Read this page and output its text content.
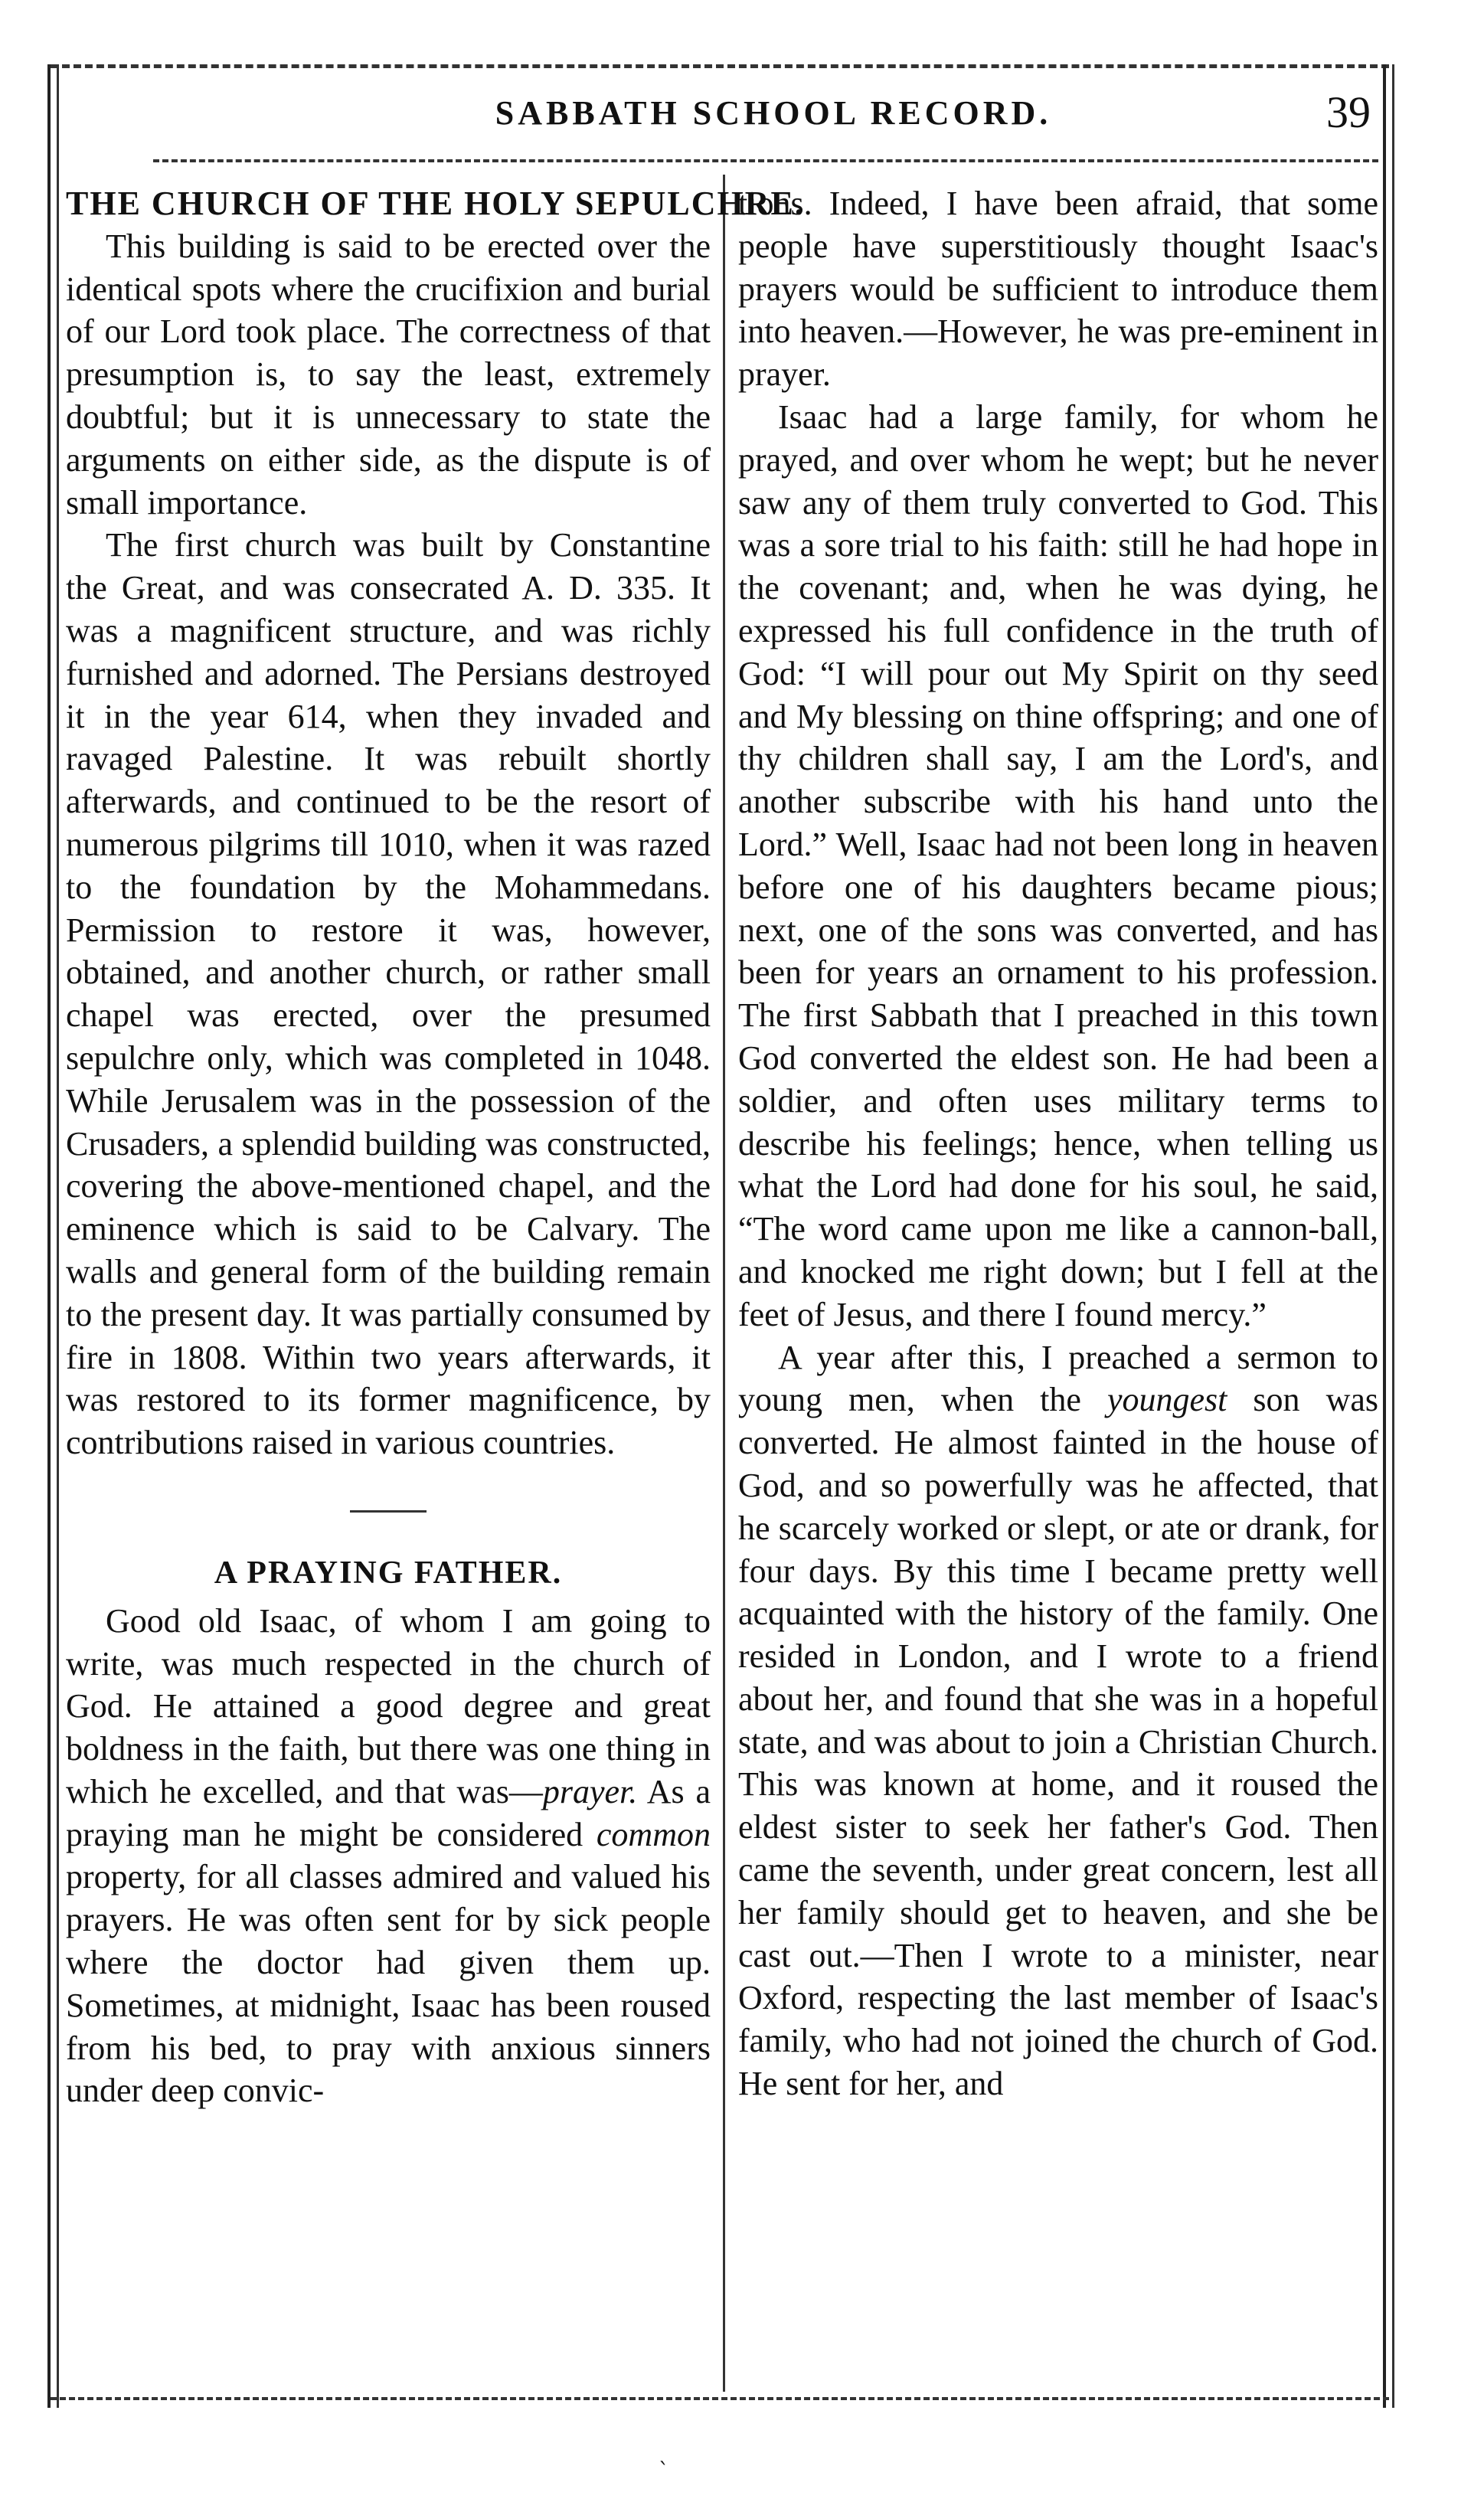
SABBATH SCHOOL RECORD.	39
THE CHURCH OF THE HOLY SEPULCHRE.

This building is said to be erected over the identical spots where the crucifixion and burial of our Lord took place. The correctness of that presumption is, to say the least, extremely doubtful; but it is unnecessary to state the arguments on either side, as the dispute is of small importance.

The first church was built by Constantine the Great, and was consecrated A. D. 335. It was a magnificent structure, and was richly furnished and adorned. The Persians destroyed it in the year 614, when they invaded and ravaged Palestine. It was rebuilt shortly afterwards, and continued to be the resort of numerous pilgrims till 1010, when it was razed to the foundation by the Mohammedans. Permission to restore it was, however, obtained, and another church, or rather small chapel was erected, over the presumed sepulchre only, which was completed in 1048. While Jerusalem was in the possession of the Crusaders, a splendid building was constructed, covering the above-mentioned chapel, and the eminence which is said to be Calvary. The walls and general form of the building remain to the present day. It was partially consumed by fire in 1808. Within two years afterwards, it was restored to its former magnificence, by contributions raised in various countries.

A PRAYING FATHER.

Good old Isaac, of whom I am going to write, was much respected in the church of God. He attained a good degree and great boldness in the faith, but there was one thing in which he excelled, and that was—prayer. As a praying man he might be considered common property, for all classes admired and valued his prayers. He was often sent for by sick people where the doctor had given them up. Sometimes, at midnight, Isaac has been roused from his bed, to pray with anxious sinners under deep convic-

tions. Indeed, I have been afraid, that some people have superstitiously thought Isaac's prayers would be sufficient to introduce them into heaven.—However, he was pre-eminent in prayer.

Isaac had a large family, for whom he prayed, and over whom he wept; but he never saw any of them truly converted to God. This was a sore trial to his faith: still he had hope in the covenant; and, when he was dying, he expressed his full confidence in the truth of God: “I will pour out My Spirit on thy seed and My blessing on thine offspring; and one of thy children shall say, I am the Lord's, and another subscribe with his hand unto the Lord.” Well, Isaac had not been long in heaven before one of his daughters became pious; next, one of the sons was converted, and has been for years an ornament to his profession. The first Sabbath that I preached in this town God converted the eldest son. He had been a soldier, and often uses military terms to describe his feelings; hence, when telling us what the Lord had done for his soul, he said, “The word came upon me like a cannon-ball, and knocked me right down; but I fell at the feet of Jesus, and there I found mercy.”

A year after this, I preached a sermon to young men, when the youngest son was converted. He almost fainted in the house of God, and so powerfully was he affected, that he scarcely worked or slept, or ate or drank, for four days. By this time I became pretty well acquainted with the history of the family. One resided in London, and I wrote to a friend about her, and found that she was in a hopeful state, and was about to join a Christian Church. This was known at home, and it roused the eldest sister to seek her father's God. Then came the seventh, under great concern, lest all her family should get to heaven, and she be cast out.—Then I wrote to a minister, near Oxford, respecting the last member of Isaac's family, who had not joined the church of God. He sent for her, and

`
